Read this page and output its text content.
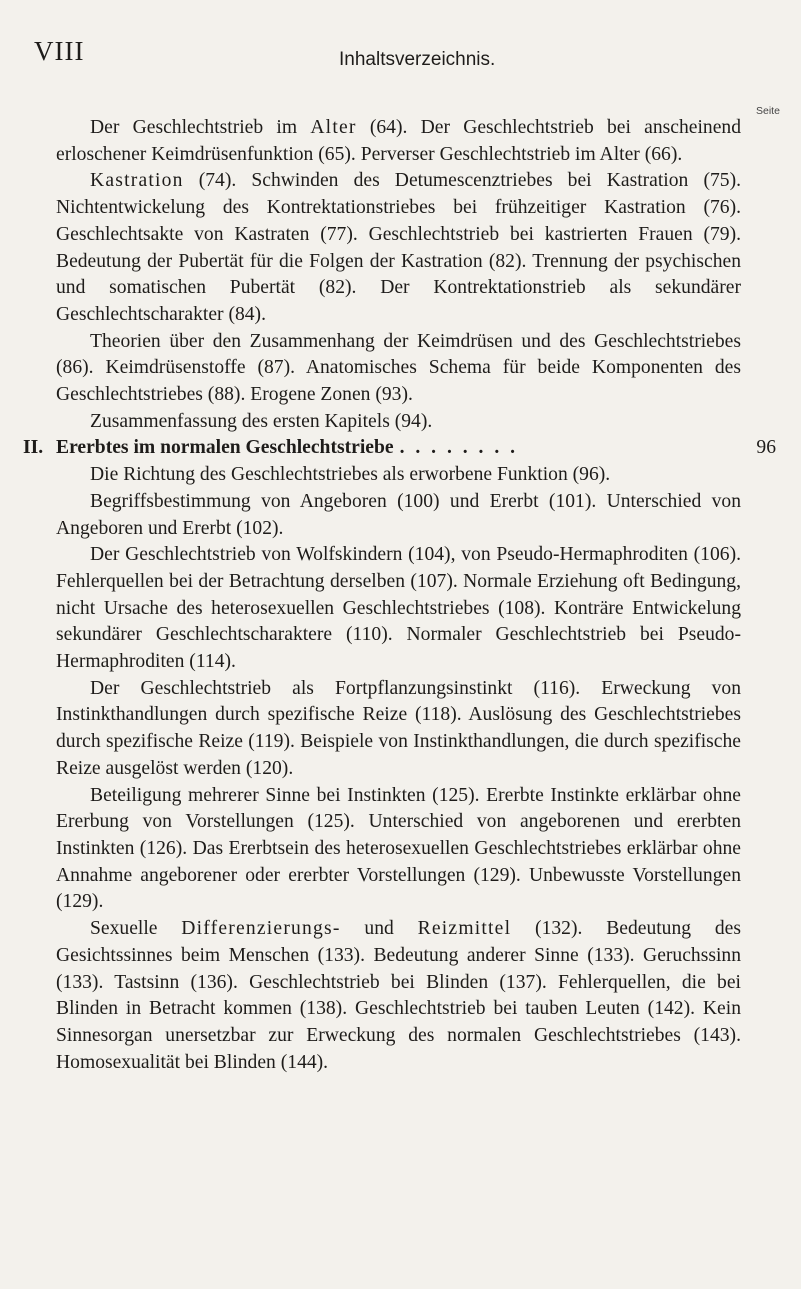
VIII	Inhaltsverzeichnis.
Seite

Der Geschlechtstrieb im Alter (64). Der Geschlechtstrieb bei anscheinend erloschener Keimdrüsenfunktion (65). Perverser Geschlechtstrieb im Alter (66).

Kastration (74). Schwinden des Detumescenztriebes bei Kastration (75). Nichtentwickelung des Kontrektationstriebes bei frühzeitiger Kastration (76). Geschlechtsakte von Kastraten (77). Geschlechtstrieb bei kastrierten Frauen (79). Bedeutung der Pubertät für die Folgen der Kastration (82). Trennung der psychischen und somatischen Pubertät (82). Der Kontrektationstrieb als sekundärer Geschlechtscharakter (84).

Theorien über den Zusammenhang der Keimdrüsen und des Geschlechtstriebes (86). Keimdrüsenstoffe (87). Anatomisches Schema für beide Komponenten des Geschlechtstriebes (88). Erogene Zonen (93).

Zusammenfassung des ersten Kapitels (94).

II. Ererbtes im normalen Geschlechtstriebe . . . . . . . .	96

Die Richtung des Geschlechtstriebes als erworbene Funktion (96).

Begriffsbestimmung von Angeboren (100) und Ererbt (101). Unterschied von Angeboren und Ererbt (102).

Der Geschlechtstrieb von Wolfskindern (104), von Pseudo-Hermaphroditen (106). Fehlerquellen bei der Betrachtung derselben (107). Normale Erziehung oft Bedingung, nicht Ursache des heterosexuellen Geschlechtstriebes (108). Konträre Entwickelung sekundärer Geschlechtscharaktere (110). Normaler Geschlechtstrieb bei Pseudo-Hermaphroditen (114).

Der Geschlechtstrieb als Fortpflanzungsinstinkt (116). Erweckung von Instinkthandlungen durch spezifische Reize (118). Auslösung des Geschlechtstriebes durch spezifische Reize (119). Beispiele von Instinkthandlungen, die durch spezifische Reize ausgelöst werden (120).

Beteiligung mehrerer Sinne bei Instinkten (125). Ererbte Instinkte erklärbar ohne Ererbung von Vorstellungen (125). Unterschied von angeborenen und ererbten Instinkten (126). Das Ererbtsein des heterosexuellen Geschlechtstriebes erklärbar ohne Annahme angeborener oder ererbter Vorstellungen (129). Unbewusste Vorstellungen (129).

Sexuelle Differenzierungs- und Reizmittel (132). Bedeutung des Gesichtssinnes beim Menschen (133). Bedeutung anderer Sinne (133). Geruchssinn (133). Tastsinn (136). Geschlechtstrieb bei Blinden (137). Fehlerquellen, die bei Blinden in Betracht kommen (138). Geschlechtstrieb bei tauben Leuten (142). Kein Sinnesorgan unersetzbar zur Erweckung des normalen Geschlechtstriebes (143). Homosexualität bei Blinden (144).
